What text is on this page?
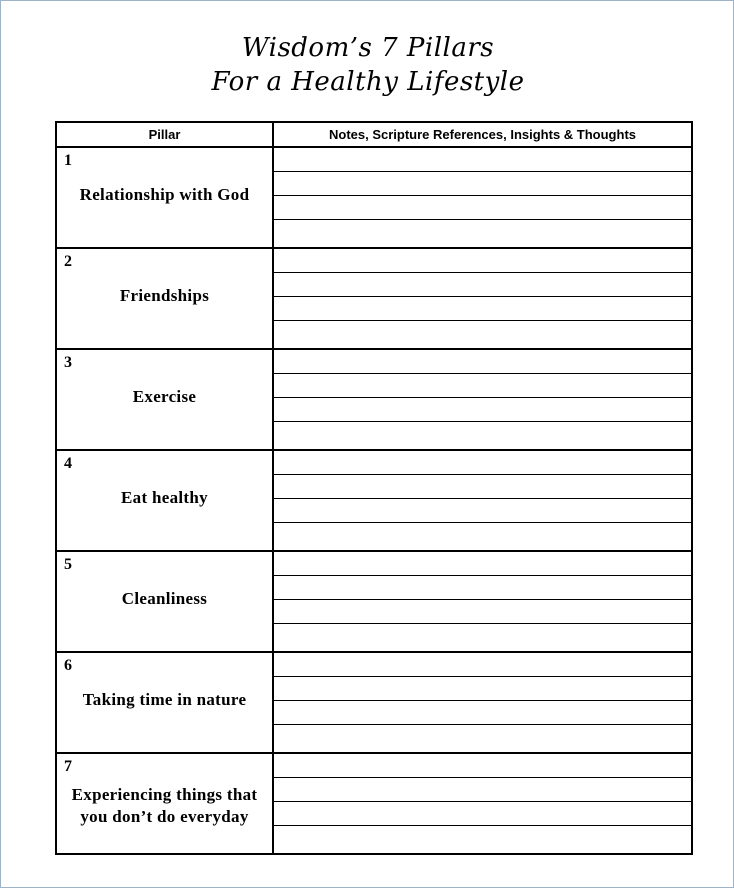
Wisdom’s 7 Pillars
For a Healthy Lifestyle
Pillar	Notes, Scripture References, Insights & Thoughts

1
Relationship with God	

2
Friendships	

3
Exercise	

4
Eat healthy	

5
Cleanliness	

6
Taking time in nature	

7
Experiencing things that you don’t do everyday	
